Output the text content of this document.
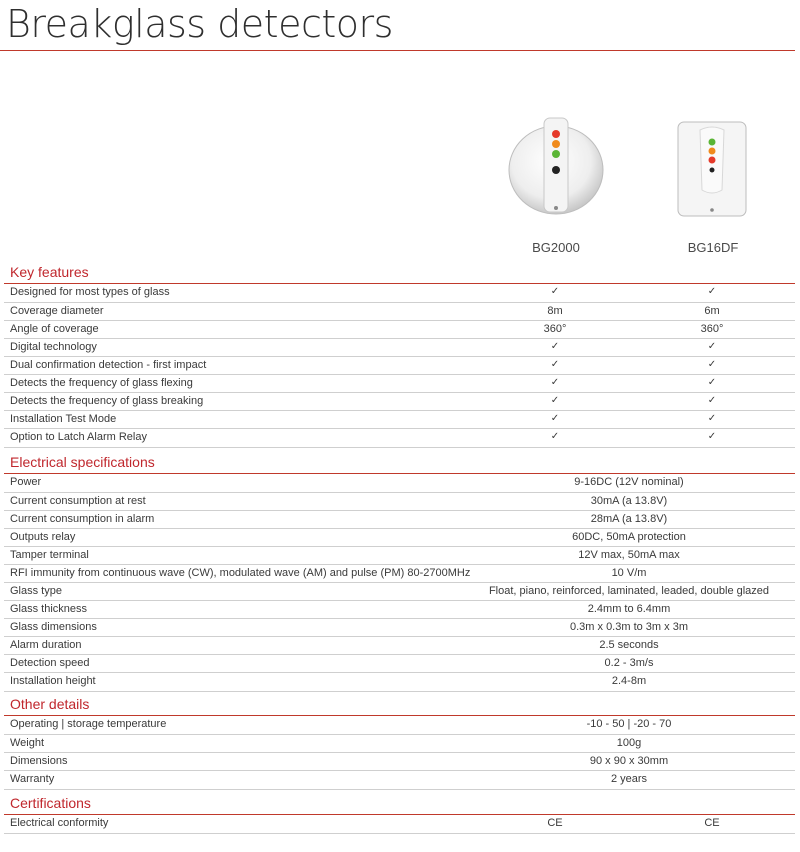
Breakglass detectors
BG2000	BG16DF
Key features
Designed for most types of glass	✓	✓
Coverage diameter	8m	6m
Angle of coverage	360°	360°
Digital technology	✓	✓
Dual confirmation detection - first impact	✓	✓
Detects the frequency of glass flexing	✓	✓
Detects the frequency of glass breaking	✓	✓
Installation Test Mode	✓	✓
Option to Latch Alarm Relay	✓	✓
Electrical specifications
Power	9-16DC (12V nominal)
Current consumption at rest	30mA (a 13.8V)
Current consumption in alarm	28mA (a 13.8V)
Outputs relay	60DC, 50mA protection
Tamper terminal	12V max, 50mA max
RFI immunity from continuous wave (CW), modulated wave (AM) and pulse (PM) 80-2700MHz	10 V/m
Glass type	Float, piano, reinforced, laminated, leaded, double glazed
Glass thickness	2.4mm to 6.4mm
Glass dimensions	0.3m x 0.3m to 3m x 3m
Alarm duration	2.5 seconds
Detection speed	0.2 - 3m/s
Installation height	2.4-8m
Other details
Operating | storage temperature	-10 - 50 | -20 - 70
Weight	100g
Dimensions	90 x 90 x 30mm
Warranty	2 years
Certifications
Electrical conformity	CE	CE
